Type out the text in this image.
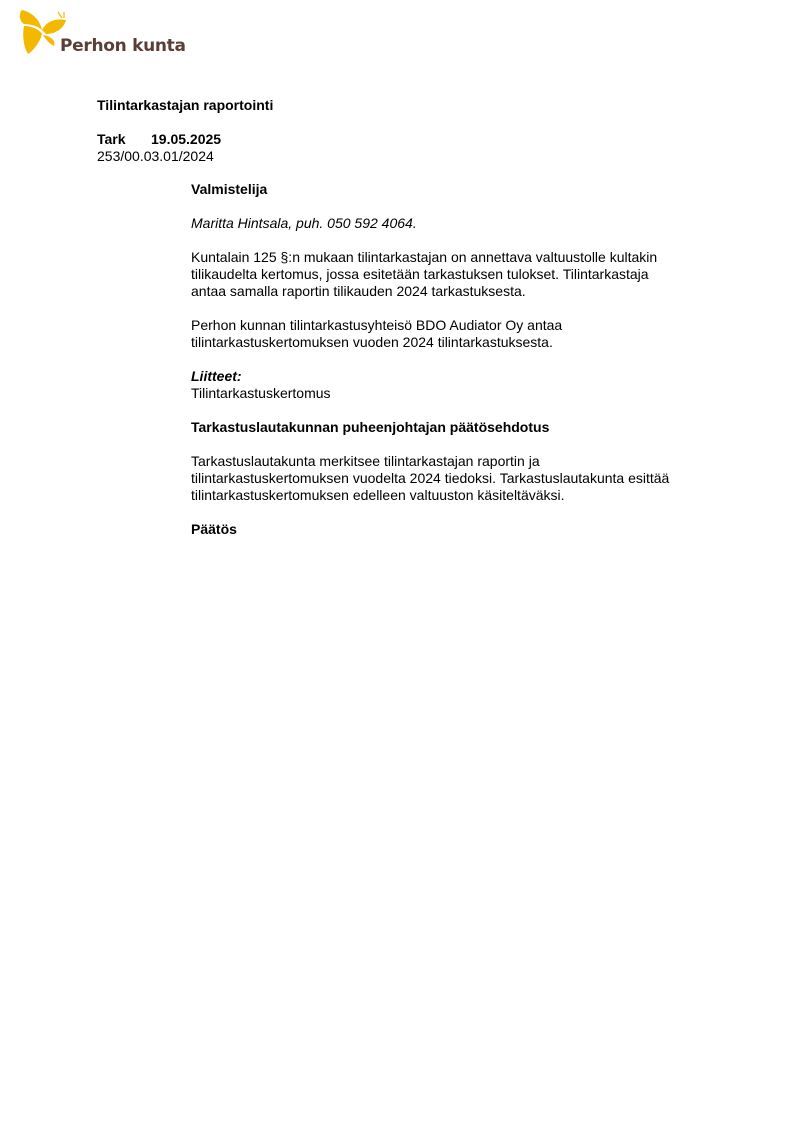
Perhon kunta
Tilintarkastajan raportointi
Tark 19.05.2025
253/00.03.01/2024

Valmistelija

Maritta Hintsala, puh. 050 592 4064.

Kuntalain 125 §:n mukaan tilintarkastajan on annettava valtuustolle kultakin
tilikaudelta kertomus, jossa esitetään tarkastuksen tulokset. Tilintarkastaja
antaa samalla raportin tilikauden 2024 tarkastuksesta.

Perhon kunnan tilintarkastusyhteisö BDO Audiator Oy antaa
tilintarkastuskertomuksen vuoden 2024 tilintarkastuksesta.

Liitteet:
Tilintarkastuskertomus

Tarkastuslautakunnan puheenjohtajan päätösehdotus

Tarkastuslautakunta merkitsee tilintarkastajan raportin ja
tilintarkastuskertomuksen vuodelta 2024 tiedoksi. Tarkastuslautakunta esittää
tilintarkastuskertomuksen edelleen valtuuston käsiteltäväksi.

Päätös
